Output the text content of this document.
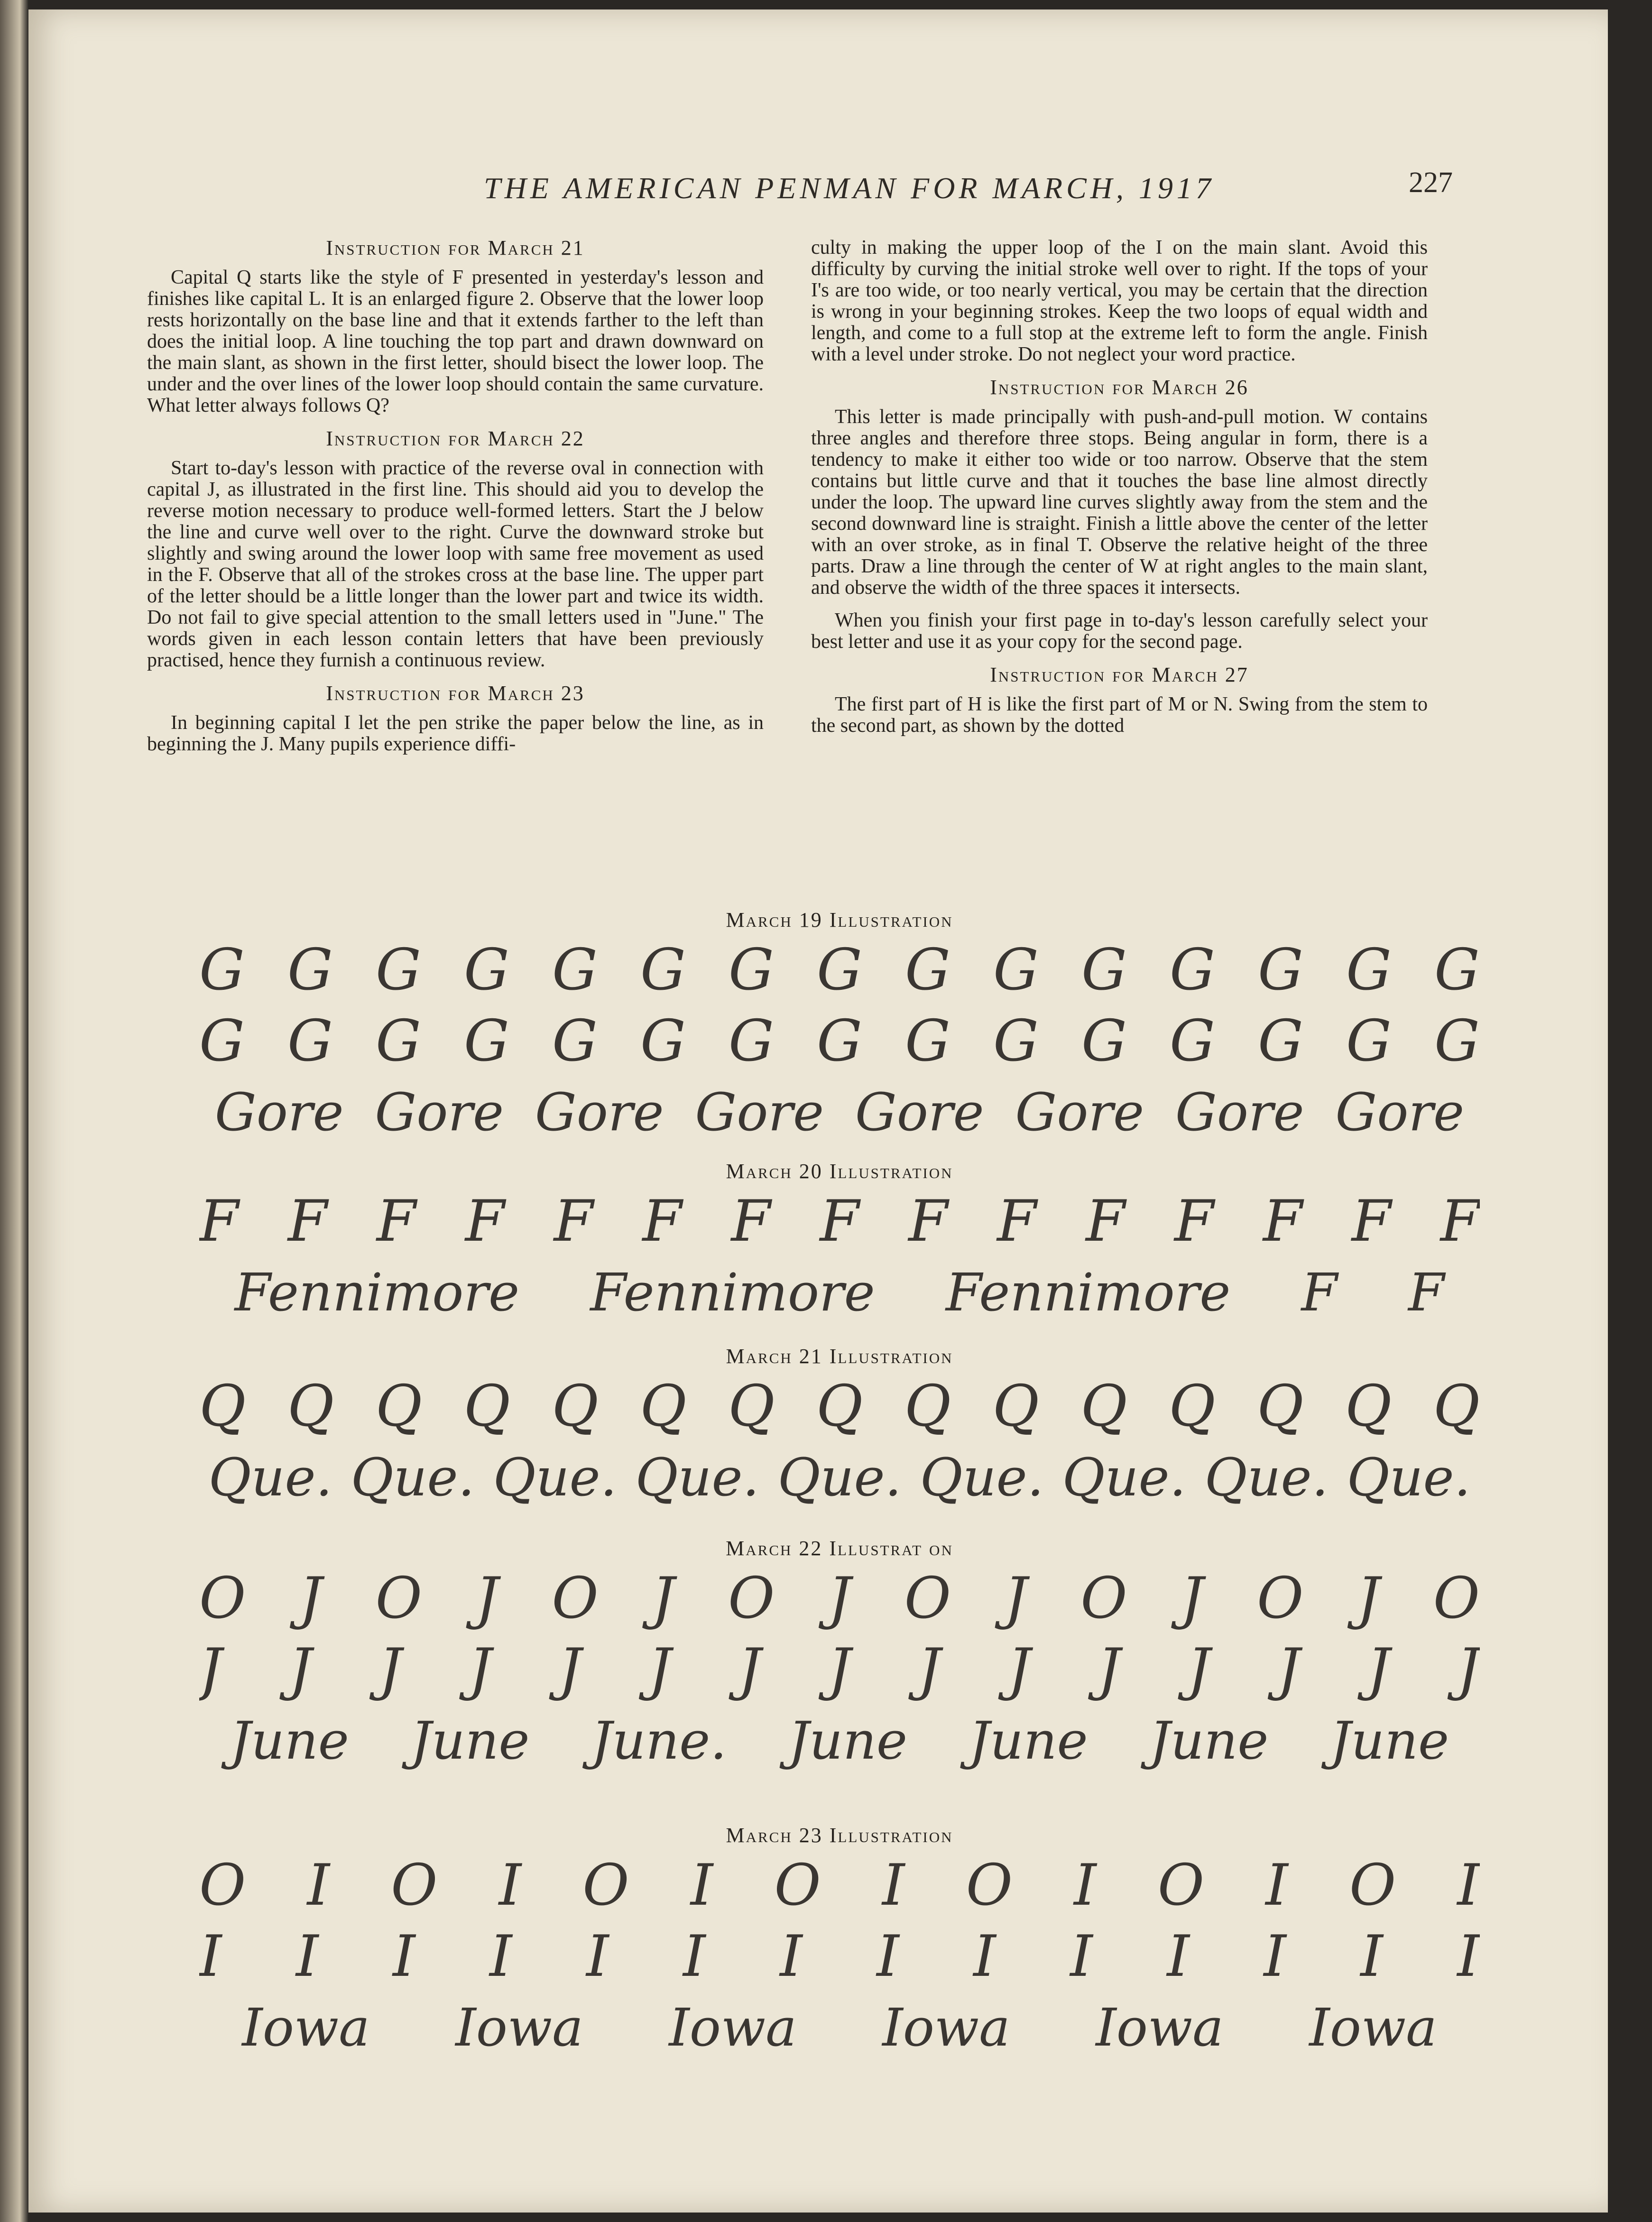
THE AMERICAN PENMAN FOR MARCH, 1917	227
Instruction for March 21

Capital Q starts like the style of F presented in yesterday's lesson and finishes like capital L. It is an enlarged figure 2. Observe that the lower loop rests horizontally on the base line and that it extends farther to the left than does the initial loop. A line touching the top part and drawn downward on the main slant, as shown in the first letter, should bisect the lower loop. The under and the over lines of the lower loop should contain the same curvature. What letter always follows Q?

Instruction for March 22

Start to-day's lesson with practice of the reverse oval in connection with capital J, as illustrated in the first line. This should aid you to develop the reverse motion necessary to produce well-formed letters. Start the J below the line and curve well over to the right. Curve the downward stroke but slightly and swing around the lower loop with same free movement as used in the F. Observe that all of the strokes cross at the base line. The upper part of the letter should be a little longer than the lower part and twice its width. Do not fail to give special attention to the small letters used in "June." The words given in each lesson contain letters that have been previously practised, hence they furnish a continuous review.

Instruction for March 23

In beginning capital I let the pen strike the paper below the line, as in beginning the J. Many pupils experience diffi-

culty in making the upper loop of the I on the main slant. Avoid this difficulty by curving the initial stroke well over to right. If the tops of your I's are too wide, or too nearly vertical, you may be certain that the direction is wrong in your beginning strokes. Keep the two loops of equal width and length, and come to a full stop at the extreme left to form the angle. Finish with a level under stroke. Do not neglect your word practice.

Instruction for March 26

This letter is made principally with push-and-pull motion. W contains three angles and therefore three stops. Being angular in form, there is a tendency to make it either too wide or too narrow. Observe that the stem contains but little curve and that it touches the base line almost directly under the loop. The upward line curves slightly away from the stem and the second downward line is straight. Finish a little above the center of the letter with an over stroke, as in final T. Observe the relative height of the three parts. Draw a line through the center of W at right angles to the main slant, and observe the width of the three spaces it intersects.

When you finish your first page in to-day's lesson carefully select your best letter and use it as your copy for the second page.

Instruction for March 27

The first part of H is like the first part of M or N. Swing from the stem to the second part, as shown by the dotted

March 19 Illustration
G G G G G G G G G G G G G G G
G G G G G G G G G G G G G G G
Gore Gore Gore Gore Gore Gore Gore Gore
March 20 Illustration
F F F F F F F F F F F F F F F
Fennimore Fennimore Fennimore F F
March 21 Illustration
Q Q Q Q Q Q Q Q Q Q Q Q Q Q Q
Que. Que. Que. Que. Que. Que. Que. Que. Que.
March 22 Illustrat on
O J O J O J O J O J O J O J O
J J J J J J J J J J J J J J J
June June June. June June June June
March 23 Illustration
O I O I O I O I O I O I O I
I I I I I I I I I I I I I I
Iowa Iowa Iowa Iowa Iowa Iowa
